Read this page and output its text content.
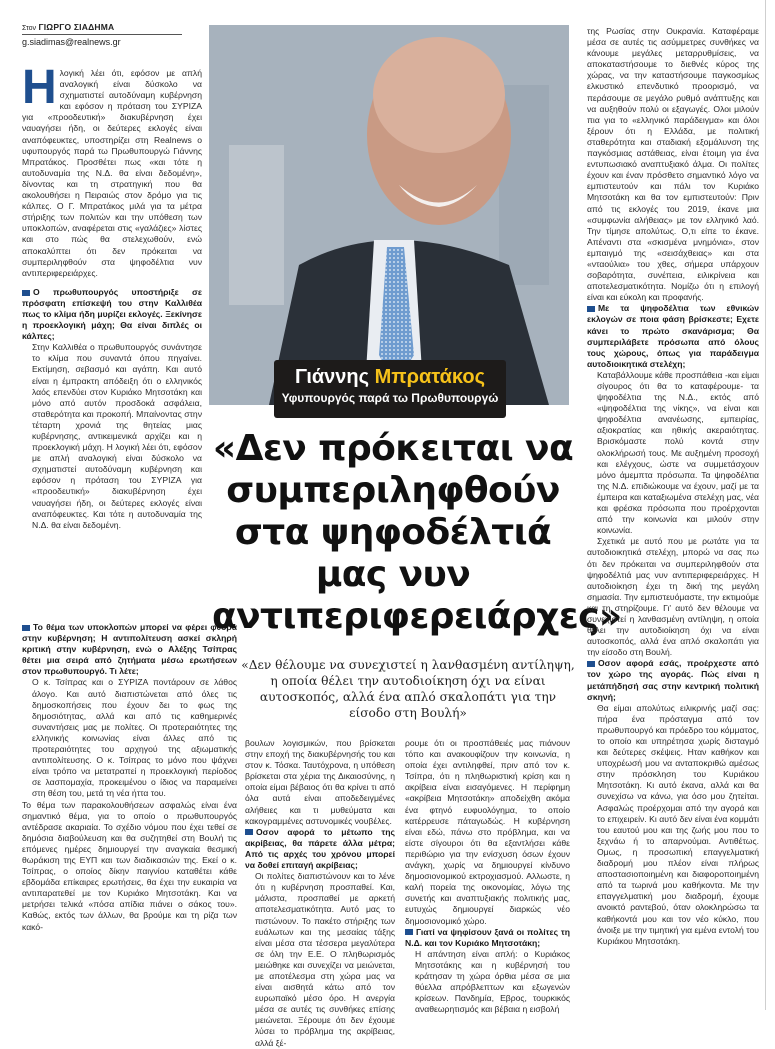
Στον ΓΙΩΡΓΟ ΣΙΑΔΗΜΑ
g.siadimas@realnews.gr

Η λογική λέει ότι, εφόσον με απλή αναλογική είναι δύσκολο να σχηματιστεί αυτοδύναμη κυβέρνηση και εφόσον η πρόταση του ΣΥΡΙΖΑ για «προοδευτική» διακυβέρνηση έχει ναυαγήσει ήδη, οι δεύτερες εκλογές είναι αναπόφευκτες, υποστηρίζει στη Realnews ο υφυπουργός παρά τω Πρωθυπουργώ Γιάννης Μπρατάκος. Προσθέτει πως «και τότε η αυτοδυναμία της Ν.Δ. θα είναι δεδομένη», δίνοντας και τη στρατηγική που θα ακολουθήσει η Πειραιώς στον δρόμο για τις κάλπες. Ο Γ. Μπρατάκος μιλά για τα μέτρα στήριξης των πολιτών και την υπόθεση των υποκλοπών, αναφέρεται στις «γαλάζιες» λίστες και στο πώς θα στελεχωθούν, ενώ αποκαλύπτει ότι δεν πρόκειται να συμπεριληφθούν στα ψηφοδέλτια νυν αντιπεριφερειάρχες.

Ο πρωθυπουργός υποστήριξε σε πρόσφατη επίσκεψή του στην Καλλιθέα πως το κλίμα ήδη μυρίζει εκλογές. Ξεκίνησε η προεκλογική μάχη; Θα είναι διπλές οι κάλπες;

Στην Καλλιθέα ο πρωθυπουργός συνάντησε το κλίμα που συναντά όπου πηγαίνει. Εκτίμηση, σεβασμό και αγάπη. Και αυτό είναι η έμπρακτη απόδειξη ότι ο ελληνικός λαός επενδύει στον Κυριάκο Μητσοτάκη και μόνο από αυτόν προσδοκά ασφάλεια, σταθερότητα και προκοπή. Μπαίνοντας στην τέταρτη χρονιά της θητείας μιας κυβέρνησης, αντικειμενικά αρχίζει και η προεκλογική μάχη. Η λογική λέει ότι, εφόσον με απλή αναλογική είναι δύσκολο να σχηματιστεί αυτοδύναμη κυβέρνηση και εφόσον η πρόταση του ΣΥΡΙΖΑ για «προοδευτική» διακυβέρνηση έχει ναυαγήσει ήδη, οι δεύτερες εκλογές είναι αναπόφευκτες. Και τότε η αυτοδυναμία της Ν.Δ. θα είναι δεδομένη.

Το θέμα των υποκλοπών μπορεί να φέρει φθορά στην κυβέρνηση; Η αντιπολίτευση ασκεί σκληρή κριτική στην κυβέρνηση, ενώ ο Αλέξης Τσίπρας θέτει μια σειρά από ζητήματα μέσω ερωτήσεων στον πρωθυπουργό. Τι λέτε;

Ο κ. Τσίπρας και ο ΣΥΡΙΖΑ ποντάρουν σε λάθος άλογο. Και αυτό διαπιστώνεται από όλες τις δημοσκοπήσεις που έχουν δει το φως της δημοσιότητας, αλλά και από τις καθημερινές συναντήσεις μας με πολίτες. Οι προτεραιότητες της ελληνικής κοινωνίας είναι άλλες από τις προτεραιότητες του αρχηγού της αξιωματικής αντιπολίτευσης. Ο κ. Τσίπρας το μόνο που ψάχνει είναι τρόπο να μετατραπεί η προεκλογική περίοδος σε λασπομαχία, προκειμένου ο ίδιος να παραμείνει στη θέση του, μετά τη νέα ήττα του.

Το θέμα των παρακολουθήσεων ασφαλώς είναι ένα σημαντικό θέμα, για το οποίο ο πρωθυπουργός αντέδρασε ακαριαία. Το σχέδιο νόμου που έχει τεθεί σε δημόσια διαβούλευση και θα συζητηθεί στη Βουλή τις επόμενες ημέρες δημιουργεί την αναγκαία θεσμική θωράκιση της ΕΥΠ και των διαδικασιών της. Εκεί ο κ. Τσίπρας, ο οποίος δίκην παιγνίου καταθέτει κάθε εβδομάδα επίκαιρες ερωτήσεις, θα έχει την ευκαιρία να αντιπαρατεθεί με τον Κυριάκο Μητσοτάκη. Και να μετρήσει τελικά «πόσα απίδια πιάνει ο σάκος του». Καθώς, εκτός των άλλων, θα βρούμε και τη ρίζα των κακό-

Γιάννης Μπρατάκος
Υφυπουργός παρά τω Πρωθυπουργώ
«Δεν πρόκειται να συμπεριληφθούν στα ψηφοδέλτιά μας νυν αντιπεριφερειάρχες»
«Δεν θέλουμε να συνεχιστεί η λανθασμένη αντίληψη, η οποία θέλει την αυτοδιοίκηση όχι να είναι αυτοσκοπός, αλλά ένα απλό σκαλοπάτι για την είσοδο στη Βουλή»

βουλων λογισμικών, που βρίσκεται στην εποχή της διακυβέρνησής του και στον κ. Τόσκα. Ταυτόχρονα, η υπόθεση βρίσκεται στα χέρια της Δικαιοσύνης, η οποία είμαι βέβαιος ότι θα κρίνει τι από όλα αυτά είναι αποδεδειγμένες αλήθειες και τι μυθεύματα και κακογραμμένες αστυνομικές νουβέλες.

Οσον αφορά το μέτωπο της ακρίβειας, θα πάρετε άλλα μέτρα; Από τις αρχές του χρόνου μπορεί να δοθεί επιταγή ακρίβειας;

Οι πολίτες διαπιστώνουν και το λένε ότι η κυβέρνηση προσπαθεί. Και, μάλιστα, προσπαθεί με αρκετή αποτελεσματικότητα. Αυτό μας το πιστώνουν. Το πακέτο στήριξης των ευάλωτων και της μεσαίας τάξης είναι μέσα στα τέσσερα μεγαλύτερα σε όλη την Ε.Ε. Ο πληθωρισμός μειώθηκε και συνεχίζει να μειώνεται, με αποτέλεσμα στη χώρα μας να είναι αισθητά κάτω από τον ευρωπαϊκό μέσο όρο. Η ανεργία μέσα σε αυτές τις συνθήκες επίσης μειώνεται. Ξέρουμε ότι δεν έχουμε λύσει το πρόβλημα της ακρίβειας, αλλά ξέ-

ρουμε ότι οι προσπάθειές μας πιάνουν τόπο και ανακουφίζουν την κοινωνία, η οποία έχει αντιληφθεί, πριν από τον κ. Τσίπρα, ότι η πληθωριστική κρίση και η ακρίβεια είναι εισαγόμενες. Η περίφημη «ακρίβεια Μητσοτάκη» αποδείχθη ακόμα ένα φτηνό ευφυολόγημα, το οποίο κατέρρευσε πάταγωδώς. Η κυβέρνηση είναι εδώ, πάνω στο πρόβλημα, και να είστε σίγουροι ότι θα εξαντλήσει κάθε περιθώριο για την ενίσχυση όσων έχουν ανάγκη, χωρίς να δημιουργεί κίνδυνο δημοσιονομικού εκτροχιασμού. Αλλωστε, η καλή πορεία της οικονομίας, λόγω της συνετής και αναπτυξιακής πολιτικής μας, ευτυχώς δημιουργεί διαρκώς νέο δημοσιονομικό χώρο.

Γιατί να ψηφίσουν ξανά οι πολίτες τη Ν.Δ. και τον Κυριάκο Μητσοτάκη;

Η απάντηση είναι απλή: ο Κυριάκος Μητσοτάκης και η κυβέρνησή του κράτησαν τη χώρα όρθια μέσα σε μια θύελλα απρόβλεπτων και εξωγενών κρίσεων. Πανδημία, Εβρος, τουρκικός αναθεωρητισμός και βέβαια η εισβολή

της Ρωσίας στην Ουκρανία. Καταφέραμε μέσα σε αυτές τις ασύμμετρες συνθήκες να κάνουμε μεγάλες μεταρρυθμίσεις, να αποκαταστήσουμε το διεθνές κύρος της χώρας, να την καταστήσουμε παγκοσμίως ελκυστικό επενδυτικό προορισμό, να περάσουμε σε μεγάλο ρυθμό ανάπτυξης και να αυξηθούν πολύ οι εξαγωγές. Ολοι μιλούν πια για το «ελληνικό παράδειγμα» και όλοι ξέρουν ότι η Ελλάδα, με πολιτική σταθερότητα και σταδιακή εξομάλυνση της παγκόσμιας αστάθειας, είναι έτοιμη για ένα εντυπωσιακό αναπτυξιακό άλμα. Οι πολίτες έχουν και έναν πρόσθετο σημαντικό λόγο να εμπιστευτούν και πάλι τον Κυριάκο Μητσοτάκη και θα τον εμπιστευτούν: Πριν από τις εκλογές του 2019, έκανε μια «συμφωνία αλήθειας» με τον ελληνικό λαό. Την τίμησε απολύτως. Ο,τι είπε το έκανε. Απέναντι στα «σκισμένα μνημόνια», στον εμπαιγμό της «σεισάχθειας» και στα «νταούλια» του χθες, σήμερα υπάρχουν σοβαρότητα, συνέπεια, ειλικρίνεια και αποτελεσματικότητα. Νομίζω ότι η επιλογή είναι και εύκολη και προφανής.

Με τα ψηφοδέλτια των εθνικών εκλογών σε ποια φάση βρίσκεστε; Εχετε κάνει το πρώτο σκανάρισμα; Θα συμπεριλάβετε πρόσωπα από όλους τους χώρους, όπως για παράδειγμα αυτοδιοικητικά στελέχη;

Καταβάλλουμε κάθε προσπάθεια -και είμαι σίγουρος ότι θα το καταφέρουμε- τα ψηφοδέλτια της Ν.Δ., εκτός από «ψηφοδέλτια της νίκης», να είναι και ψηφοδέλτια ανανέωσης, εμπειρίας, αξιοκρατίας και ηθικής ακεραιότητας. Βρισκόμαστε πολύ κοντά στην ολοκλήρωσή τους. Με αυξημένη προσοχή και ελέγχους, ώστε να συμμετάσχουν μόνο άμεμπτα πρόσωπα. Τα ψηφοδέλτια της Ν.Δ. επιδιώκουμε να έχουν, μαζί με τα έμπειρα και καταξιωμένα στελέχη μας, νέα και φρέσκα πρόσωπα που προέρχονται από την κοινωνία και μιλούν στην κοινωνία.

Σχετικά με αυτό που με ρωτάτε για τα αυτοδιοικητικά στελέχη, μπορώ να σας πω ότι δεν πρόκειται να συμπεριληφθούν στα ψηφοδέλτιά μας νυν αντιπεριφερειάρχες. Η αυτοδιοίκηση έχει τη δική της μεγάλη σημασία. Την εμπιστευόμαστε, την εκτιμούμε και τη στηρίζουμε. Γι' αυτό δεν θέλουμε να συνεχιστεί η λανθασμένη αντίληψη, η οποία θέλει την αυτοδιοίκηση όχι να είναι αυτοσκοπός, αλλά ένα απλό σκαλοπάτι για την είσοδο στη Βουλή.

Οσον αφορά εσάς, προέρχεστε από τον χώρο της αγοράς. Πώς είναι η μετάπήδησή σας στην κεντρική πολιτική σκηνή;

Θα είμαι απολύτως ειλικρινής μαζί σας: πήρα ένα πρόσταγμα από τον πρωθυπουργό και πρόεδρο του κόμματος, το οποίο και υπηρέτησα χωρίς δισταγμό και δεύτερες σκέψεις. Ηταν καθήκον και υποχρέωσή μου να ανταποκριθώ αμέσως στην πρόσκληση του Κυριάκου Μητσοτάκη. Κι αυτό έκανα, αλλά και θα συνεχίσω να κάνω, για όσο μου ζητείται. Ασφαλώς προέρχομαι από την αγορά και το επιχειρείν. Κι αυτό δεν είναι ένα κομμάτι του εαυτού μου και της ζωής μου που το ξεχνάω ή το απαρνούμαι. Αντιθέτως. Ομως, η προσωπική επαγγελματική διαδρομή μου πλέον είναι πλήρως αποστασιοποιημένη και διαφοροποιημένη από τα τωρινά μου καθήκοντα. Με την επαγγελματική μου διαδρομή, έχουμε ανοικτό ραντεβού, όταν ολοκληρώσω τα καθήκοντά μου και τον νέο κύκλο, που άνοιξε με την τιμητική για εμένα εντολή του Κυριάκου Μητσοτάκη.
